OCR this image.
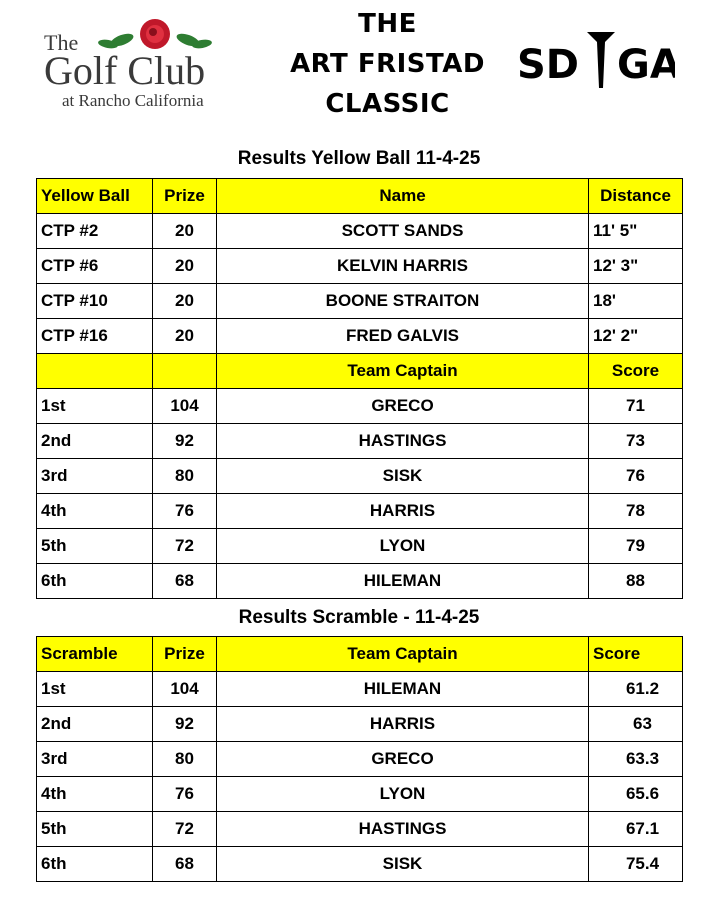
The
Golf Club
at Rancho California
THE
ART FRISTAD
CLASSIC
SD GA
Results Yellow Ball 11-4-25
Yellow Ball	Prize	Name	Distance
CTP #2	20	SCOTT SANDS	11' 5"
CTP #6	20	KELVIN HARRIS	12' 3"
CTP #10	20	BOONE STRAITON	18'
CTP #16	20	FRED GALVIS	12' 2"
		Team Captain	Score
1st	104	GRECO	71
2nd	92	HASTINGS	73
3rd	80	SISK	76
4th	76	HARRIS	78
5th	72	LYON	79
6th	68	HILEMAN	88
Results Scramble - 11-4-25
Scramble	Prize	Team Captain	Score
1st	104	HILEMAN	61.2
2nd	92	HARRIS	63
3rd	80	GRECO	63.3
4th	76	LYON	65.6
5th	72	HASTINGS	67.1
6th	68	SISK	75.4
